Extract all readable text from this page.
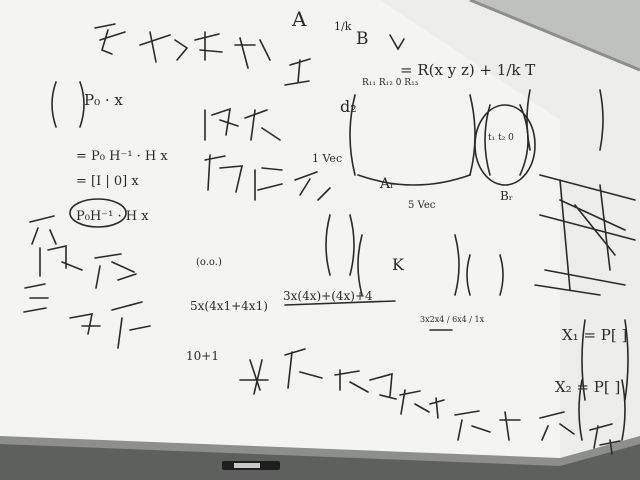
A
B
1/k
= R(x y z) + 1/k T
P₀ · x
= P₀ H⁻¹ · H x
= [I | 0] x
P₀H⁻¹ · H x
d₂
R₁₁ R₁₂ 0 R₁₃
1 Vec
Aᵣ
5 Vec
K
(o.o.)
3x(4x)+(4x)+4
5x(4x1+4x1)
10+1
3x2x4 / 6x4 / 1x
X₁ = P[ ]
X₂ = P[ ]
Bᵣ
t₁ t₂ 0
